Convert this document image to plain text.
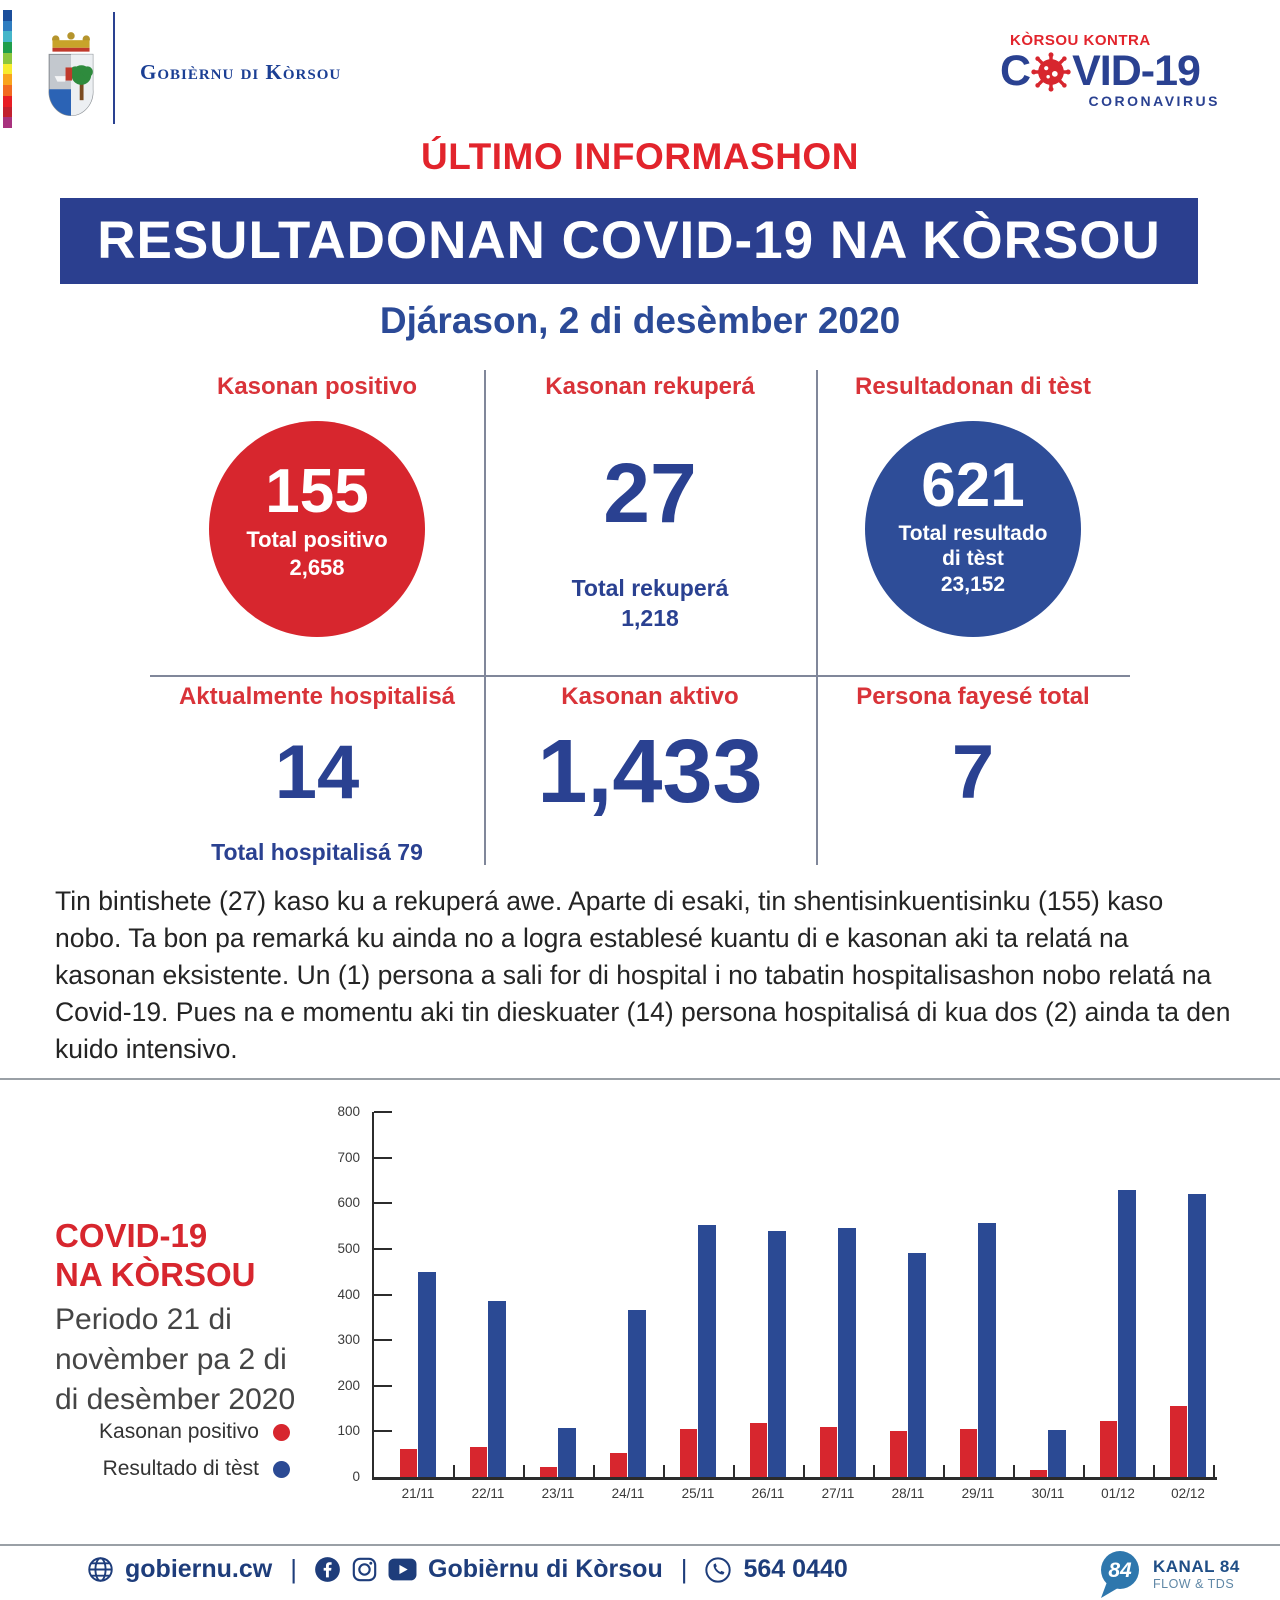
Gobièrnu di Kòrsou
KÒRSOU KONTRA
C VID-19
CORONAVIRUS
ÚLTIMO INFORMASHON
RESULTADONAN COVID-19 NA KÒRSOU
Djárason, 2 di desèmber 2020
Kasonan positivo
155
Total positivo
2,658
Kasonan rekuperá
27
Total rekuperá
1,218
Resultadonan di tèst
621
Total resultado
di tèst
23,152
Aktualmente hospitalisá
14
Total hospitalisá 79
Kasonan aktivo
1,433
Persona fayesé total
7
Tin bintishete (27) kaso ku a rekuperá awe. Aparte di esaki, tin shentisinkuentisinku (155) kaso nobo. Ta bon pa remarká ku ainda no a logra establesé kuantu di e kasonan aki ta relatá na kasonan eksistente. Un (1) persona a sali for di hospital i no tabatin hospitalisashon nobo relatá na Covid-19. Pues na e momentu aki tin dieskuater (14) persona hospitalisá di kua dos (2) ainda ta den kuido intensivo.
COVID-19
NA KÒRSOU
Periodo 21 di
novèmber pa 2 di
di desèmber 2020
Kasonan positivo
Resultado di tèst	0
100
200
300
400
500
600
700
800
21/11	22/11	23/11	24/11	25/11	26/11	27/11	28/11	29/11	30/11	01/12	02/12
gobiernu.cw |	Gobièrnu di Kòrsou | 564 0440	84 KANAL 84
FLOW & TDS
